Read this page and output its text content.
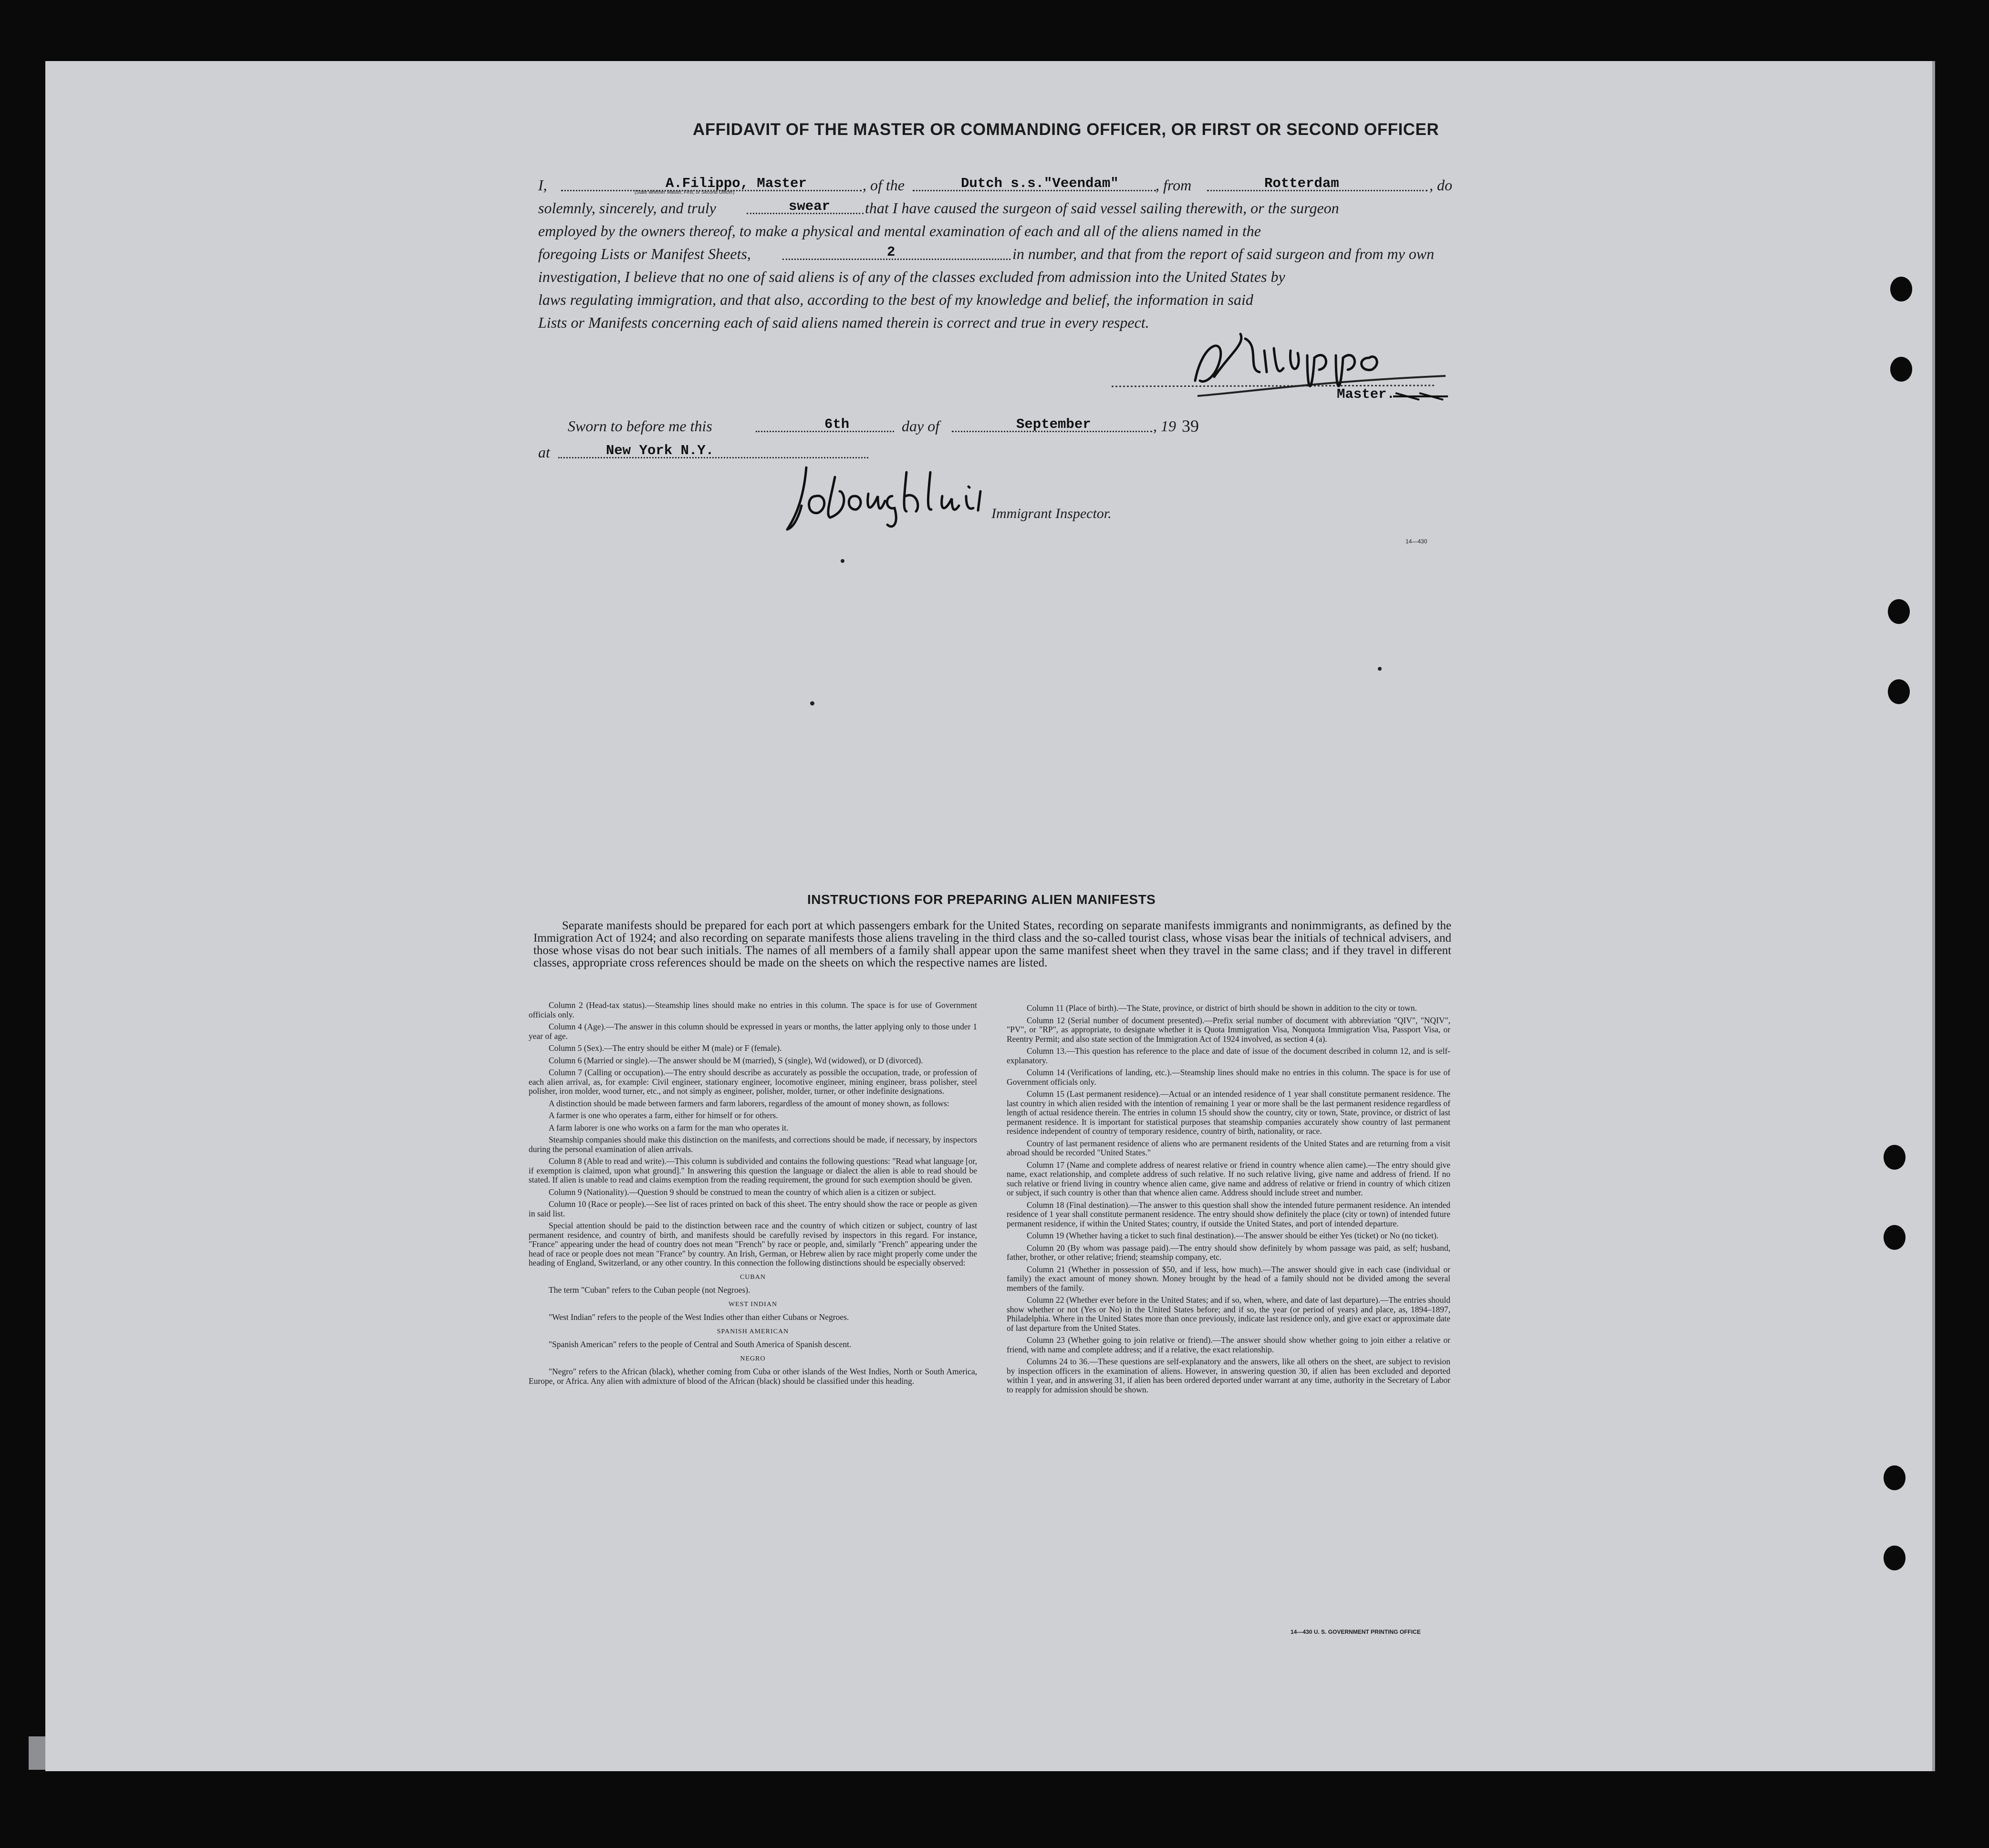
AFFIDAVIT OF THE MASTER OR COMMANDING OFFICER, OR FIRST OR SECOND OFFICER
I,	A.Filippo, Master
(State whether Master, First, or Second Officer)	, of the	Dutch s.s."Veendam" , from	Rotterdam	, do
solemnly, sincerely, and truly	swear that I have caused the surgeon of said vessel sailing therewith, or the surgeon
employed by the owners thereof, to make a physical and mental examination of each and all of the aliens named in the
foregoing Lists or Manifest Sheets,	2	in number, and that from the report of said surgeon and from my own
investigation, I believe that no one of said aliens is of any of the classes excluded from admission into the United States by
laws regulating immigration, and that also, according to the best of my knowledge and belief, the information in said
Lists or Manifests concerning each of said aliens named therein is correct and true in every respect.
Master.
Sworn to before me this	6th	day of	September	, 19 39
at	New York N.Y.
Immigrant Inspector.
14—430
INSTRUCTIONS FOR PREPARING ALIEN MANIFESTS
Separate manifests should be prepared for each port at which passengers embark for the United States, recording on separate manifests immigrants and nonimmigrants, as defined by the Immigration Act of 1924; and also recording on separate manifests those aliens traveling in the third class and the so-called tourist class, whose visas bear the initials of technical advisers, and those whose visas do not bear such initials. The names of all members of a family shall appear upon the same manifest sheet when they travel in the same class; and if they travel in different classes, appropriate cross references should be made on the sheets on which the respective names are listed.

Column 2 (Head-tax status).—Steamship lines should make no entries in this column. The space is for use of Government officials only.

Column 4 (Age).—The answer in this column should be expressed in years or months, the latter applying only to those under 1 year of age.

Column 5 (Sex).—The entry should be either M (male) or F (female).

Column 6 (Married or single).—The answer should be M (married), S (single), Wd (widowed), or D (divorced).

Column 7 (Calling or occupation).—The entry should describe as accurately as possible the occupation, trade, or profession of each alien arrival, as, for example: Civil engineer, stationary engineer, locomotive engineer, mining engineer, brass polisher, steel polisher, iron molder, wood turner, etc., and not simply as engineer, polisher, molder, turner, or other indefinite designations.

A distinction should be made between farmers and farm laborers, regardless of the amount of money shown, as follows:

A farmer is one who operates a farm, either for himself or for others.

A farm laborer is one who works on a farm for the man who operates it.

Steamship companies should make this distinction on the manifests, and corrections should be made, if necessary, by inspectors during the personal examination of alien arrivals.

Column 8 (Able to read and write).—This column is subdivided and contains the following questions: "Read what language [or, if exemption is claimed, upon what ground]." In answering this question the language or dialect the alien is able to read should be stated. If alien is unable to read and claims exemption from the reading requirement, the ground for such exemption should be given.

Column 9 (Nationality).—Question 9 should be construed to mean the country of which alien is a citizen or subject.

Column 10 (Race or people).—See list of races printed on back of this sheet. The entry should show the race or people as given in said list.

Special attention should be paid to the distinction between race and the country of which citizen or subject, country of last permanent residence, and country of birth, and manifests should be carefully revised by inspectors in this regard. For instance, "France" appearing under the head of country does not mean "French" by race or people, and, similarly "French" appearing under the head of race or people does not mean "France" by country. An Irish, German, or Hebrew alien by race might properly come under the heading of England, Switzerland, or any other country. In this connection the following distinctions should be especially observed:

CUBAN

The term "Cuban" refers to the Cuban people (not Negroes).

WEST INDIAN

"West Indian" refers to the people of the West Indies other than either Cubans or Negroes.

SPANISH AMERICAN

"Spanish American" refers to the people of Central and South America of Spanish descent.

NEGRO

"Negro" refers to the African (black), whether coming from Cuba or other islands of the West Indies, North or South America, Europe, or Africa. Any alien with admixture of blood of the African (black) should be classified under this heading.

Column 11 (Place of birth).—The State, province, or district of birth should be shown in addition to the city or town.

Column 12 (Serial number of document presented).—Prefix serial number of document with abbreviation "QIV", "NQIV", "PV", or "RP", as appropriate, to designate whether it is Quota Immigration Visa, Nonquota Immigration Visa, Passport Visa, or Reentry Permit; and also state section of the Immigration Act of 1924 involved, as section 4 (a).

Column 13.—This question has reference to the place and date of issue of the document described in column 12, and is self-explanatory.

Column 14 (Verifications of landing, etc.).—Steamship lines should make no entries in this column. The space is for use of Government officials only.

Column 15 (Last permanent residence).—Actual or an intended residence of 1 year shall constitute permanent residence. The last country in which alien resided with the intention of remaining 1 year or more shall be the last permanent residence regardless of length of actual residence therein. The entries in column 15 should show the country, city or town, State, province, or district of last permanent residence. It is important for statistical purposes that steamship companies accurately show country of last permanent residence independent of country of temporary residence, country of birth, nationality, or race.

Country of last permanent residence of aliens who are permanent residents of the United States and are returning from a visit abroad should be recorded "United States."

Column 17 (Name and complete address of nearest relative or friend in country whence alien came).—The entry should give name, exact relationship, and complete address of such relative. If no such relative living, give name and address of friend. If no such relative or friend living in country whence alien came, give name and address of relative or friend in country of which citizen or subject, if such country is other than that whence alien came. Address should include street and number.

Column 18 (Final destination).—The answer to this question shall show the intended future permanent residence. An intended residence of 1 year shall constitute permanent residence. The entry should show definitely the place (city or town) of intended future permanent residence, if within the United States; country, if outside the United States, and port of intended departure.

Column 19 (Whether having a ticket to such final destination).—The answer should be either Yes (ticket) or No (no ticket).

Column 20 (By whom was passage paid).—The entry should show definitely by whom passage was paid, as self; husband, father, brother, or other relative; friend; steamship company, etc.

Column 21 (Whether in possession of $50, and if less, how much).—The answer should give in each case (individual or family) the exact amount of money shown. Money brought by the head of a family should not be divided among the several members of the family.

Column 22 (Whether ever before in the United States; and if so, when, where, and date of last departure).—The entries should show whether or not (Yes or No) in the United States before; and if so, the year (or period of years) and place, as, 1894–1897, Philadelphia. Where in the United States more than once previously, indicate last residence only, and give exact or approximate date of last departure from the United States.

Column 23 (Whether going to join relative or friend).—The answer should show whether going to join either a relative or friend, with name and complete address; and if a relative, the exact relationship.

Columns 24 to 36.—These questions are self-explanatory and the answers, like all others on the sheet, are subject to revision by inspection officers in the examination of aliens. However, in answering question 30, if alien has been excluded and deported within 1 year, and in answering 31, if alien has been ordered deported under warrant at any time, authority in the Secretary of Labor to reapply for admission should be shown.

14—430 U. S. GOVERNMENT PRINTING OFFICE
